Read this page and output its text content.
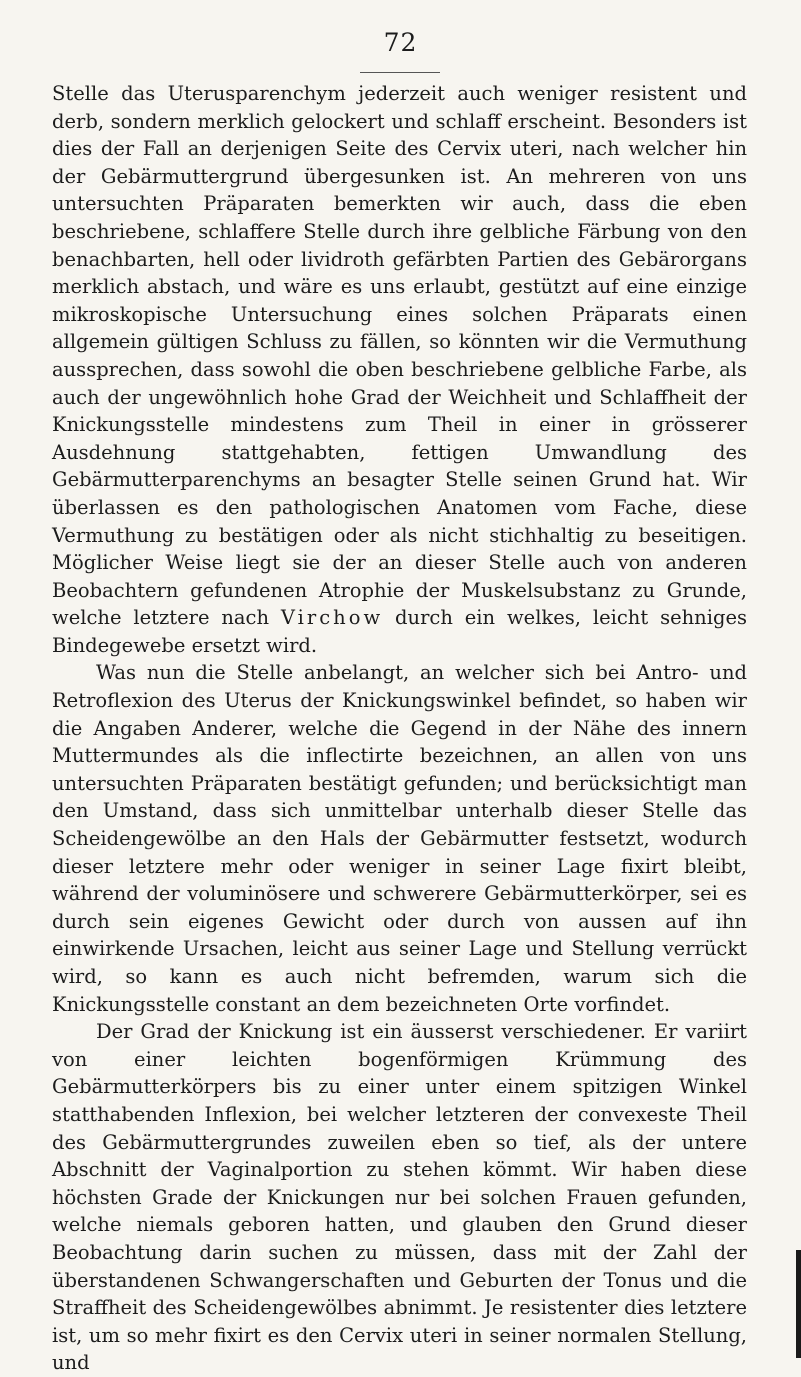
72

Stelle das Uterusparenchym jederzeit auch weniger resistent und derb, sondern merklich gelockert und schlaff erscheint. Besonders ist dies der Fall an derjenigen Seite des Cervix uteri, nach welcher hin der Gebärmuttergrund übergesunken ist. An mehreren von uns untersuchten Präparaten bemerkten wir auch, dass die eben beschriebene, schlaffere Stelle durch ihre gelbliche Färbung von den benachbarten, hell oder lividroth gefärbten Partien des Gebärorgans merklich abstach, und wäre es uns erlaubt, gestützt auf eine einzige mikroskopische Untersuchung eines solchen Präparats einen allgemein gültigen Schluss zu fällen, so könnten wir die Vermuthung aussprechen, dass sowohl die oben beschriebene gelbliche Farbe, als auch der ungewöhnlich hohe Grad der Weichheit und Schlaffheit der Knickungsstelle mindestens zum Theil in einer in grösserer Ausdehnung stattgehabten, fettigen Umwandlung des Gebärmutterparenchyms an besagter Stelle seinen Grund hat. Wir überlassen es den pathologischen Anatomen vom Fache, diese Vermuthung zu bestätigen oder als nicht stichhaltig zu beseitigen. Möglicher Weise liegt sie der an dieser Stelle auch von anderen Beobachtern gefundenen Atrophie der Muskelsubstanz zu Grunde, welche letztere nach Virchow durch ein welkes, leicht sehniges Bindegewebe ersetzt wird.

Was nun die Stelle anbelangt, an welcher sich bei Antro- und Retroflexion des Uterus der Knickungswinkel befindet, so haben wir die Angaben Anderer, welche die Gegend in der Nähe des innern Muttermundes als die inflectirte bezeichnen, an allen von uns untersuchten Präparaten bestätigt gefunden; und berücksichtigt man den Umstand, dass sich unmittelbar unterhalb dieser Stelle das Scheidengewölbe an den Hals der Gebärmutter festsetzt, wodurch dieser letztere mehr oder weniger in seiner Lage fixirt bleibt, während der voluminösere und schwerere Gebärmutterkörper, sei es durch sein eigenes Gewicht oder durch von aussen auf ihn einwirkende Ursachen, leicht aus seiner Lage und Stellung verrückt wird, so kann es auch nicht befremden, warum sich die Knickungsstelle constant an dem bezeichneten Orte vorfindet.

Der Grad der Knickung ist ein äusserst verschiedener. Er variirt von einer leichten bogenförmigen Krümmung des Gebärmutterkörpers bis zu einer unter einem spitzigen Winkel statthabenden Inflexion, bei welcher letzteren der convexeste Theil des Gebärmuttergrundes zuweilen eben so tief, als der untere Abschnitt der Vaginalportion zu stehen kömmt. Wir haben diese höchsten Grade der Knickungen nur bei solchen Frauen gefunden, welche niemals geboren hatten, und glauben den Grund dieser Beobachtung darin suchen zu müssen, dass mit der Zahl der überstandenen Schwangerschaften und Geburten der Tonus und die Straffheit des Scheidengewölbes abnimmt. Je resistenter dies letztere ist, um so mehr fixirt es den Cervix uteri in seiner normalen Stellung, und
